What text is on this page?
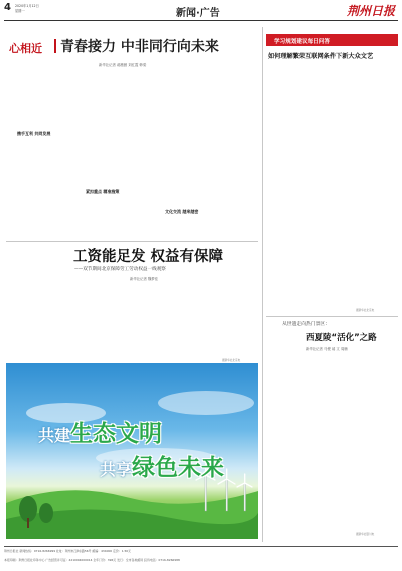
4 2020年1月12日
星期一	新闻·广告	荆州日报
心相近 青春接力 中非同行向未来
新华社记者 郝薇薇 刘红霞 韩梁
携手互利 共同发展
紧扣重点 精准施策
文化交流 越来越密
工资能足发 权益有保障
——双节期间北京保障劳工劳动权益一线观察
新华社记者 魏梦佳
据新华社北京电
共建生态文明
共享绿色未来
学习规划建议每日问答
如何理解繁荣互联网条件下新大众文艺
据新华社北京电
从世遗走向热门景区：
西夏陵“活化”之路
新华社记者 马俊 郝 文 周楠
据新华社银川电
荆州日报社 新闻热线：0716-8266999 社址：荆州市江津东路56号 邮编：434000 定价：1.50元
本报印刷：荆州日报社印务中心 广告经营许可证：4210004000014 全年订价：396元 发行：全市各地邮局 投诉电话：0716-8266988
